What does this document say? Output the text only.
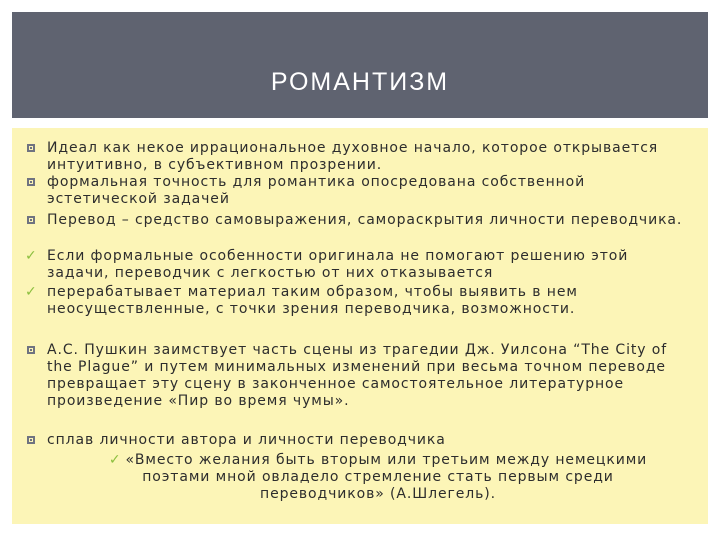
РОМАНТИЗМ
Идеал как некое иррациональное духовное начало, которое открывается интуитивно, в субъективном прозрении.
формальная точность для романтика опосредована собственной эстетической задачей
Перевод – средство самовыражения, самораскрытия личности переводчика.
✓ Если формальные особенности оригинала не помогают решению этой задачи, переводчик с легкостью от них отказывается
✓ перерабатывает материал таким образом, чтобы выявить в нем неосуществленные, с точки зрения переводчика, возможности.
А.С. Пушкин заимствует часть сцены из трагедии Дж. Уилсона “The City of the Plague” и путем минимальных изменений при весьма точном переводе превращает эту сцену в законченное самостоятельное литературное произведение «Пир во время чумы».
сплав личности автора и личности переводчика
✓ «Вместо желания быть вторым или третьим между немецкими поэтами мной овладело стремление стать первым среди переводчиков» (А.Шлегель).
